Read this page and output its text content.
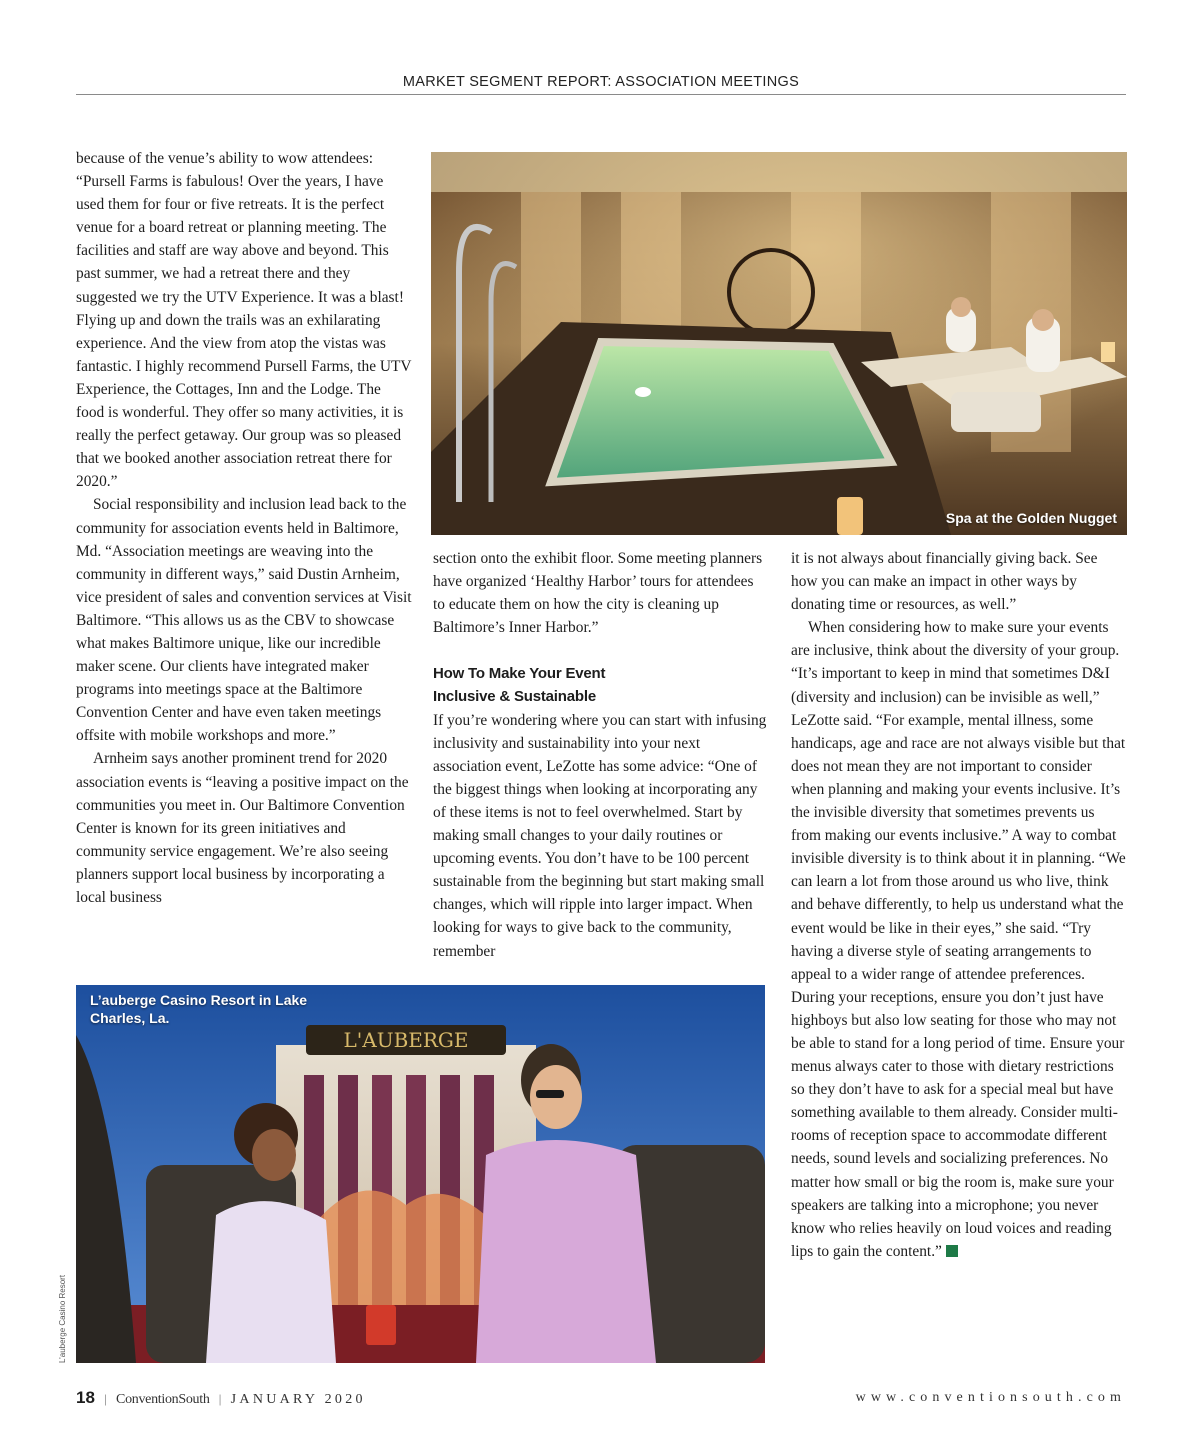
MARKET SEGMENT REPORT: ASSOCIATION MEETINGS

because of the venue’s ability to wow attendees: “Pursell Farms is fabulous! Over the years, I have used them for four or five retreats. It is the perfect venue for a board retreat or planning meeting. The facilities and staff are way above and beyond. This past summer, we had a retreat there and they suggested we try the UTV Experience. It was a blast! Flying up and down the trails was an exhilarating experience. And the view from atop the vistas was fantastic. I highly recommend Pursell Farms, the UTV Experience, the Cottages, Inn and the Lodge. The food is wonderful. They offer so many activities, it is really the perfect getaway. Our group was so pleased that we booked another association retreat there for 2020.”

Social responsibility and inclusion lead back to the community for association events held in Baltimore, Md. “Association meetings are weaving into the community in different ways,” said Dustin Arnheim, vice president of sales and convention services at Visit Baltimore. “This allows us as the CBV to showcase what makes Baltimore unique, like our incredible maker scene. Our clients have integrated maker programs into meetings space at the Baltimore Convention Center and have even taken meetings offsite with mobile workshops and more.”

Arnheim says another prominent trend for 2020 association events is “leaving a positive impact on the communities you meet in. Our Baltimore Convention Center is known for its green initiatives and community service engagement. We’re also seeing planners support local business by incorporating a local business

Spa at the Golden Nugget

section onto the exhibit floor. Some meeting planners have organized ‘Healthy Harbor’ tours for attendees to educate them on how the city is cleaning up Baltimore’s Inner Harbor.”

How To Make Your Event
Inclusive & Sustainable

If you’re wondering where you can start with infusing inclusivity and sustainability into your next association event, LeZotte has some advice: “One of the biggest things when looking at incorporating any of these items is not to feel overwhelmed. Start by making small changes to your daily routines or upcoming events. You don’t have to be 100 percent sustainable from the beginning but start making small changes, which will ripple into larger impact. When looking for ways to give back to the community, remember

it is not always about financially giving back. See how you can make an impact in other ways by donating time or resources, as well.”

When considering how to make sure your events are inclusive, think about the diversity of your group. “It’s important to keep in mind that sometimes D&I (diversity and inclusion) can be invisible as well,” LeZotte said. “For example, mental illness, some handicaps, age and race are not always visible but that does not mean they are not important to consider when planning and making your events inclusive. It’s the invisible diversity that sometimes prevents us from making our events inclusive.” A way to combat invisible diversity is to think about it in planning. “We can learn a lot from those around us who live, think and behave differently, to help us understand what the event would be like in their eyes,” she said. “Try having a diverse style of seating arrangements to appeal to a wider range of attendee preferences. During your receptions, ensure you don’t just have highboys but also low seating for those who may not be able to stand for a long period of time. Ensure your menus always cater to those with dietary restrictions so they don’t have to ask for a special meal but have something available to them already. Consider multi-rooms of reception space to accommodate different needs, sound levels and socializing preferences. No matter how small or big the room is, make sure your speakers are talking into a microphone; you never know who relies heavily on loud voices and reading lips to gain the content.”

L'AUBERGE
L’auberge Casino Resort in Lake Charles, La.
L’auberge Casino Resort
18 | ConventionSouth | JANUARY 2020	www.conventionsouth.com
